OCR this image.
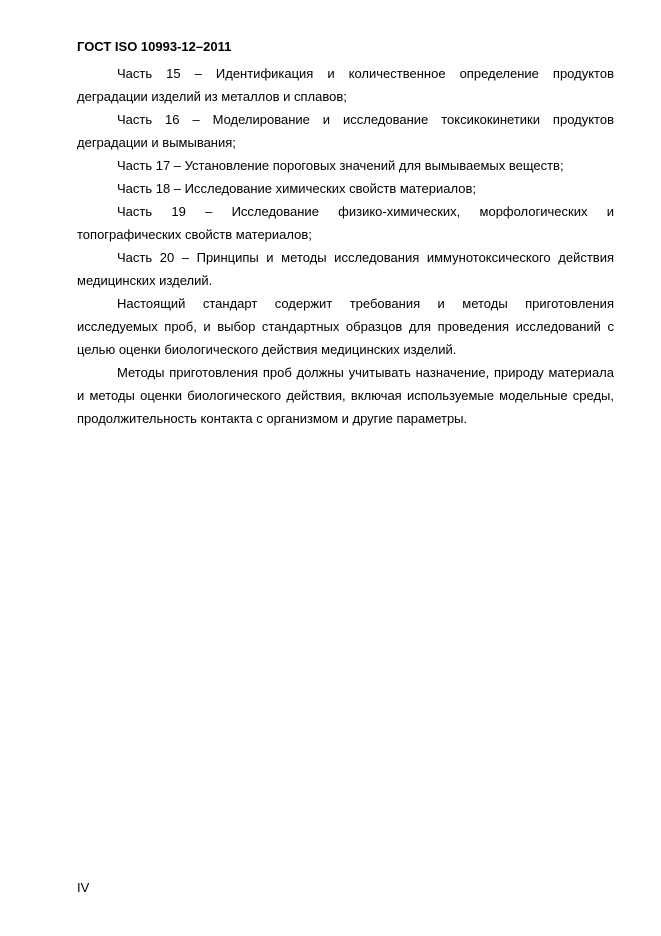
ГОСТ ISO 10993-12–2011

Часть 15 – Идентификация и количественное определение продуктов деградации изделий из металлов и сплавов;

Часть 16 – Моделирование и исследование токсикокинетики продуктов деградации и вымывания;

Часть 17 – Установление пороговых значений для вымываемых веществ;

Часть 18 – Исследование химических свойств материалов;

Часть 19 – Исследование физико-химических, морфологических и топографических свойств материалов;

Часть 20 – Принципы и методы исследования иммунотоксического действия медицинских изделий.

Настоящий стандарт содержит требования и методы приготовления исследуемых проб, и выбор стандартных образцов для проведения исследований с целью оценки биологического действия медицинских изделий.

Методы приготовления проб должны учитывать назначение, природу материала и методы оценки биологического действия, включая используемые модельные среды, продолжительность контакта с организмом и другие параметры.

IV
